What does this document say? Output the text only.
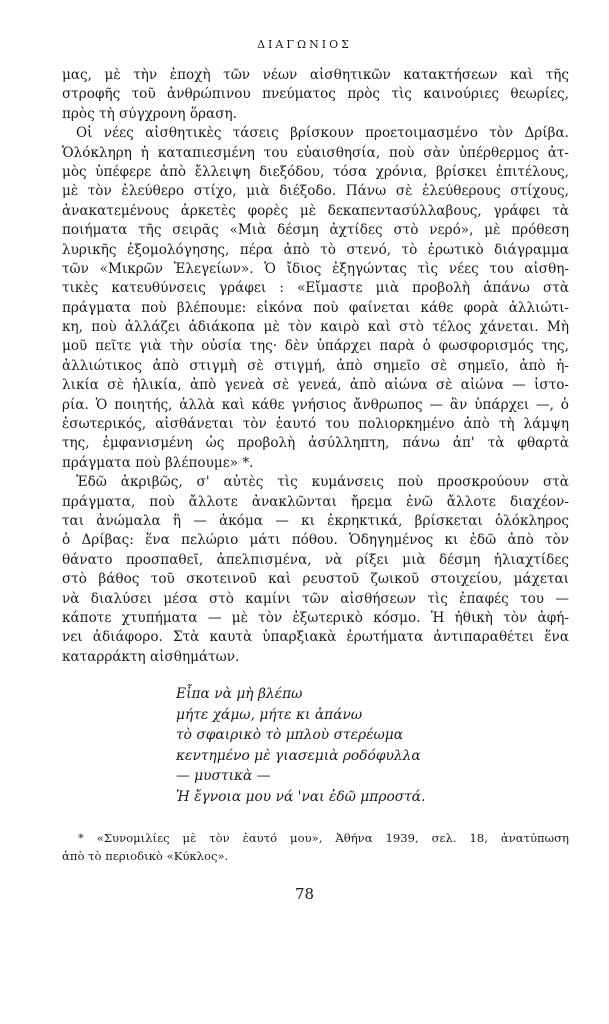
ΔΙΑΓΩΝΙΟΣ
μας, μὲ τὴν ἐποχὴ τῶν νέων αἰσθητικῶν κατακτήσεων καὶ τῆς
στροφῆς τοῦ ἀνθρώπινου πνεύματος πρὸς τὶς καινούριες θεωρίες,
πρὸς τὴ σύγχρονη ὅραση.
Οἱ νέες αἰσθητικὲς τάσεις βρίσκουν προετοιμασμένο τὸν Δρίβα.
Ὁλόκληρη ἡ καταπιεσμένη του εὐαισθησία, ποὺ σὰν ὑπέρθερμος ἀτ-
μὸς ὑπέφερε ἀπὸ ἔλλειψη διεξόδου, τόσα χρόνια, βρίσκει ἐπιτέλους,
μὲ τὸν ἐλεύθερο στίχο, μιὰ διέξοδο. Πάνω σὲ ἐλεύθερους στίχους,
ἀνακατεμένους ἀρκετὲς φορὲς μὲ δεκαπεντασύλλαβους, γράφει τὰ
ποιήματα τῆς σειρᾶς «Μιὰ δέσμη ἀχτίδες στὸ νερό», μὲ πρόθεση
λυρικῆς ἐξομολόγησης, πέρα ἀπὸ τὸ στενό, τὸ ἐρωτικὸ διάγραμμα
τῶν «Μικρῶν Ἐλεγείων». Ὁ ἴδιος ἐξηγώντας τὶς νέες του αἰσθη-
τικὲς κατευθύνσεις γράφει : «Εἴμαστε μιὰ προβολὴ ἀπάνω στὰ
πράγματα ποὺ βλέπουμε: εἰκόνα ποὺ φαίνεται κάθε φορὰ ἀλλιώτι-
κη, ποὺ ἀλλάζει ἀδιάκοπα μὲ τὸν καιρὸ καὶ στὸ τέλος χάνεται. Μὴ
μοῦ πεῖτε γιὰ τὴν οὐσία της· δὲν ὑπάρχει παρὰ ὁ φωσφορισμός της,
ἀλλιώτικος ἀπὸ στιγμὴ σὲ στιγμή, ἀπὸ σημεῖο σὲ σημεῖο, ἀπὸ ἡ-
λικία σὲ ἡλικία, ἀπὸ γενεὰ σὲ γενεά, ἀπὸ αἰώνα σὲ αἰώνα — ἱστο-
ρία. Ὁ ποιητής, ἀλλὰ καὶ κάθε γνήσιος ἄνθρωπος — ἂν ὑπάρχει —, ὁ
ἐσωτερικός, αἰσθάνεται τὸν ἑαυτό του πολιορκημένο ἀπὸ τὴ λάμψη
της, ἐμφανισμένη ὡς προβολὴ ἀσύλληπτη, πάνω ἀπ' τὰ φθαρτὰ
πράγματα ποὺ βλέπουμε» *.
Ἐδῶ ἀκριβῶς, σ' αὐτὲς τὶς κυμάνσεις ποὺ προσκρούουν στὰ
πράγματα, ποὺ ἄλλοτε ἀνακλῶνται ἤρεμα ἐνῶ ἄλλοτε διαχέον-
ται ἀνώμαλα ἢ — ἀκόμα — κι ἐκρηκτικά, βρίσκεται ὁλόκληρος
ὁ Δρίβας: ἕνα πελώριο μάτι πόθου. Ὁδηγημένος κι ἐδῶ ἀπὸ τὸν
θάνατο προσπαθεῖ, ἀπελπισμένα, νὰ ρίξει μιὰ δέσμη ἡλιαχτίδες
στὸ βάθος τοῦ σκοτεινοῦ καὶ ρευστοῦ ζωικοῦ στοιχείου, μάχεται
νὰ διαλύσει μέσα στὸ καμίνι τῶν αἰσθήσεων τὶς ἐπαφές του —
κάποτε χτυπήματα — μὲ τὸν ἐξωτερικὸ κόσμο. Ἡ ἠθικὴ τὸν ἀφή-
νει ἀδιάφορο. Στὰ καυτὰ ὑπαρξιακὰ ἐρωτήματα ἀντιπαραθέτει ἕνα
καταρράκτη αἰσθημάτων.
Εἶπα νὰ μὴ βλέπω
μήτε χάμω, μήτε κι ἀπάνω
τὸ σφαιρικὸ τὸ μπλοὺ στερέωμα
κεντημένο μὲ γιασεμιὰ ροδόφυλλα
— μυστικὰ —
Ἡ ἔγνοια μου νά 'ναι ἐδῶ μπροστά.
* «Συνομιλίες μὲ τὸν ἑαυτό μου», Ἀθήνα 1939, σελ. 18, ἀνατύπωση
ἀπὸ τὸ περιοδικὸ «Κύκλος».
78
